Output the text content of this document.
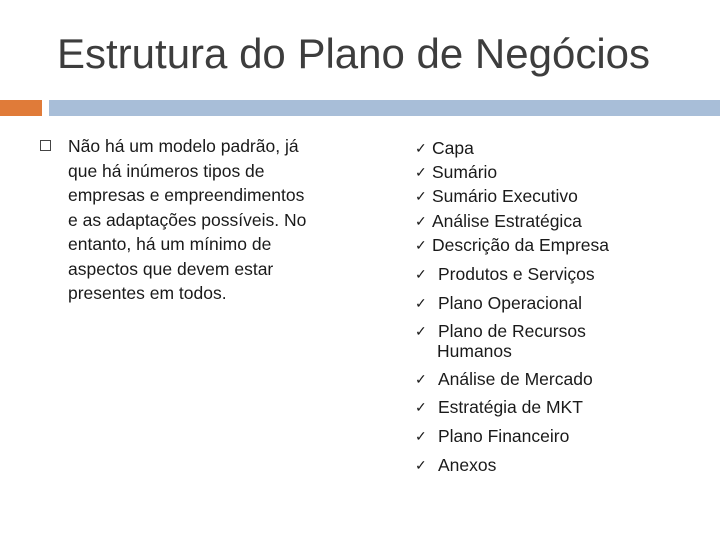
Estrutura do Plano de Negócios
Não há um modelo padrão, já que há inúmeros tipos de empresas e empreendimentos e as adaptações possíveis. No entanto, há um mínimo de aspectos que devem estar presentes em todos.
✓ Capa
✓ Sumário
✓ Sumário Executivo
✓ Análise Estratégica
✓ Descrição da Empresa
✓ Produtos e Serviços
✓ Plano Operacional
✓ Plano de Recursos
Humanos
✓ Análise de Mercado
✓ Estratégia de MKT
✓ Plano Financeiro
✓ Anexos
